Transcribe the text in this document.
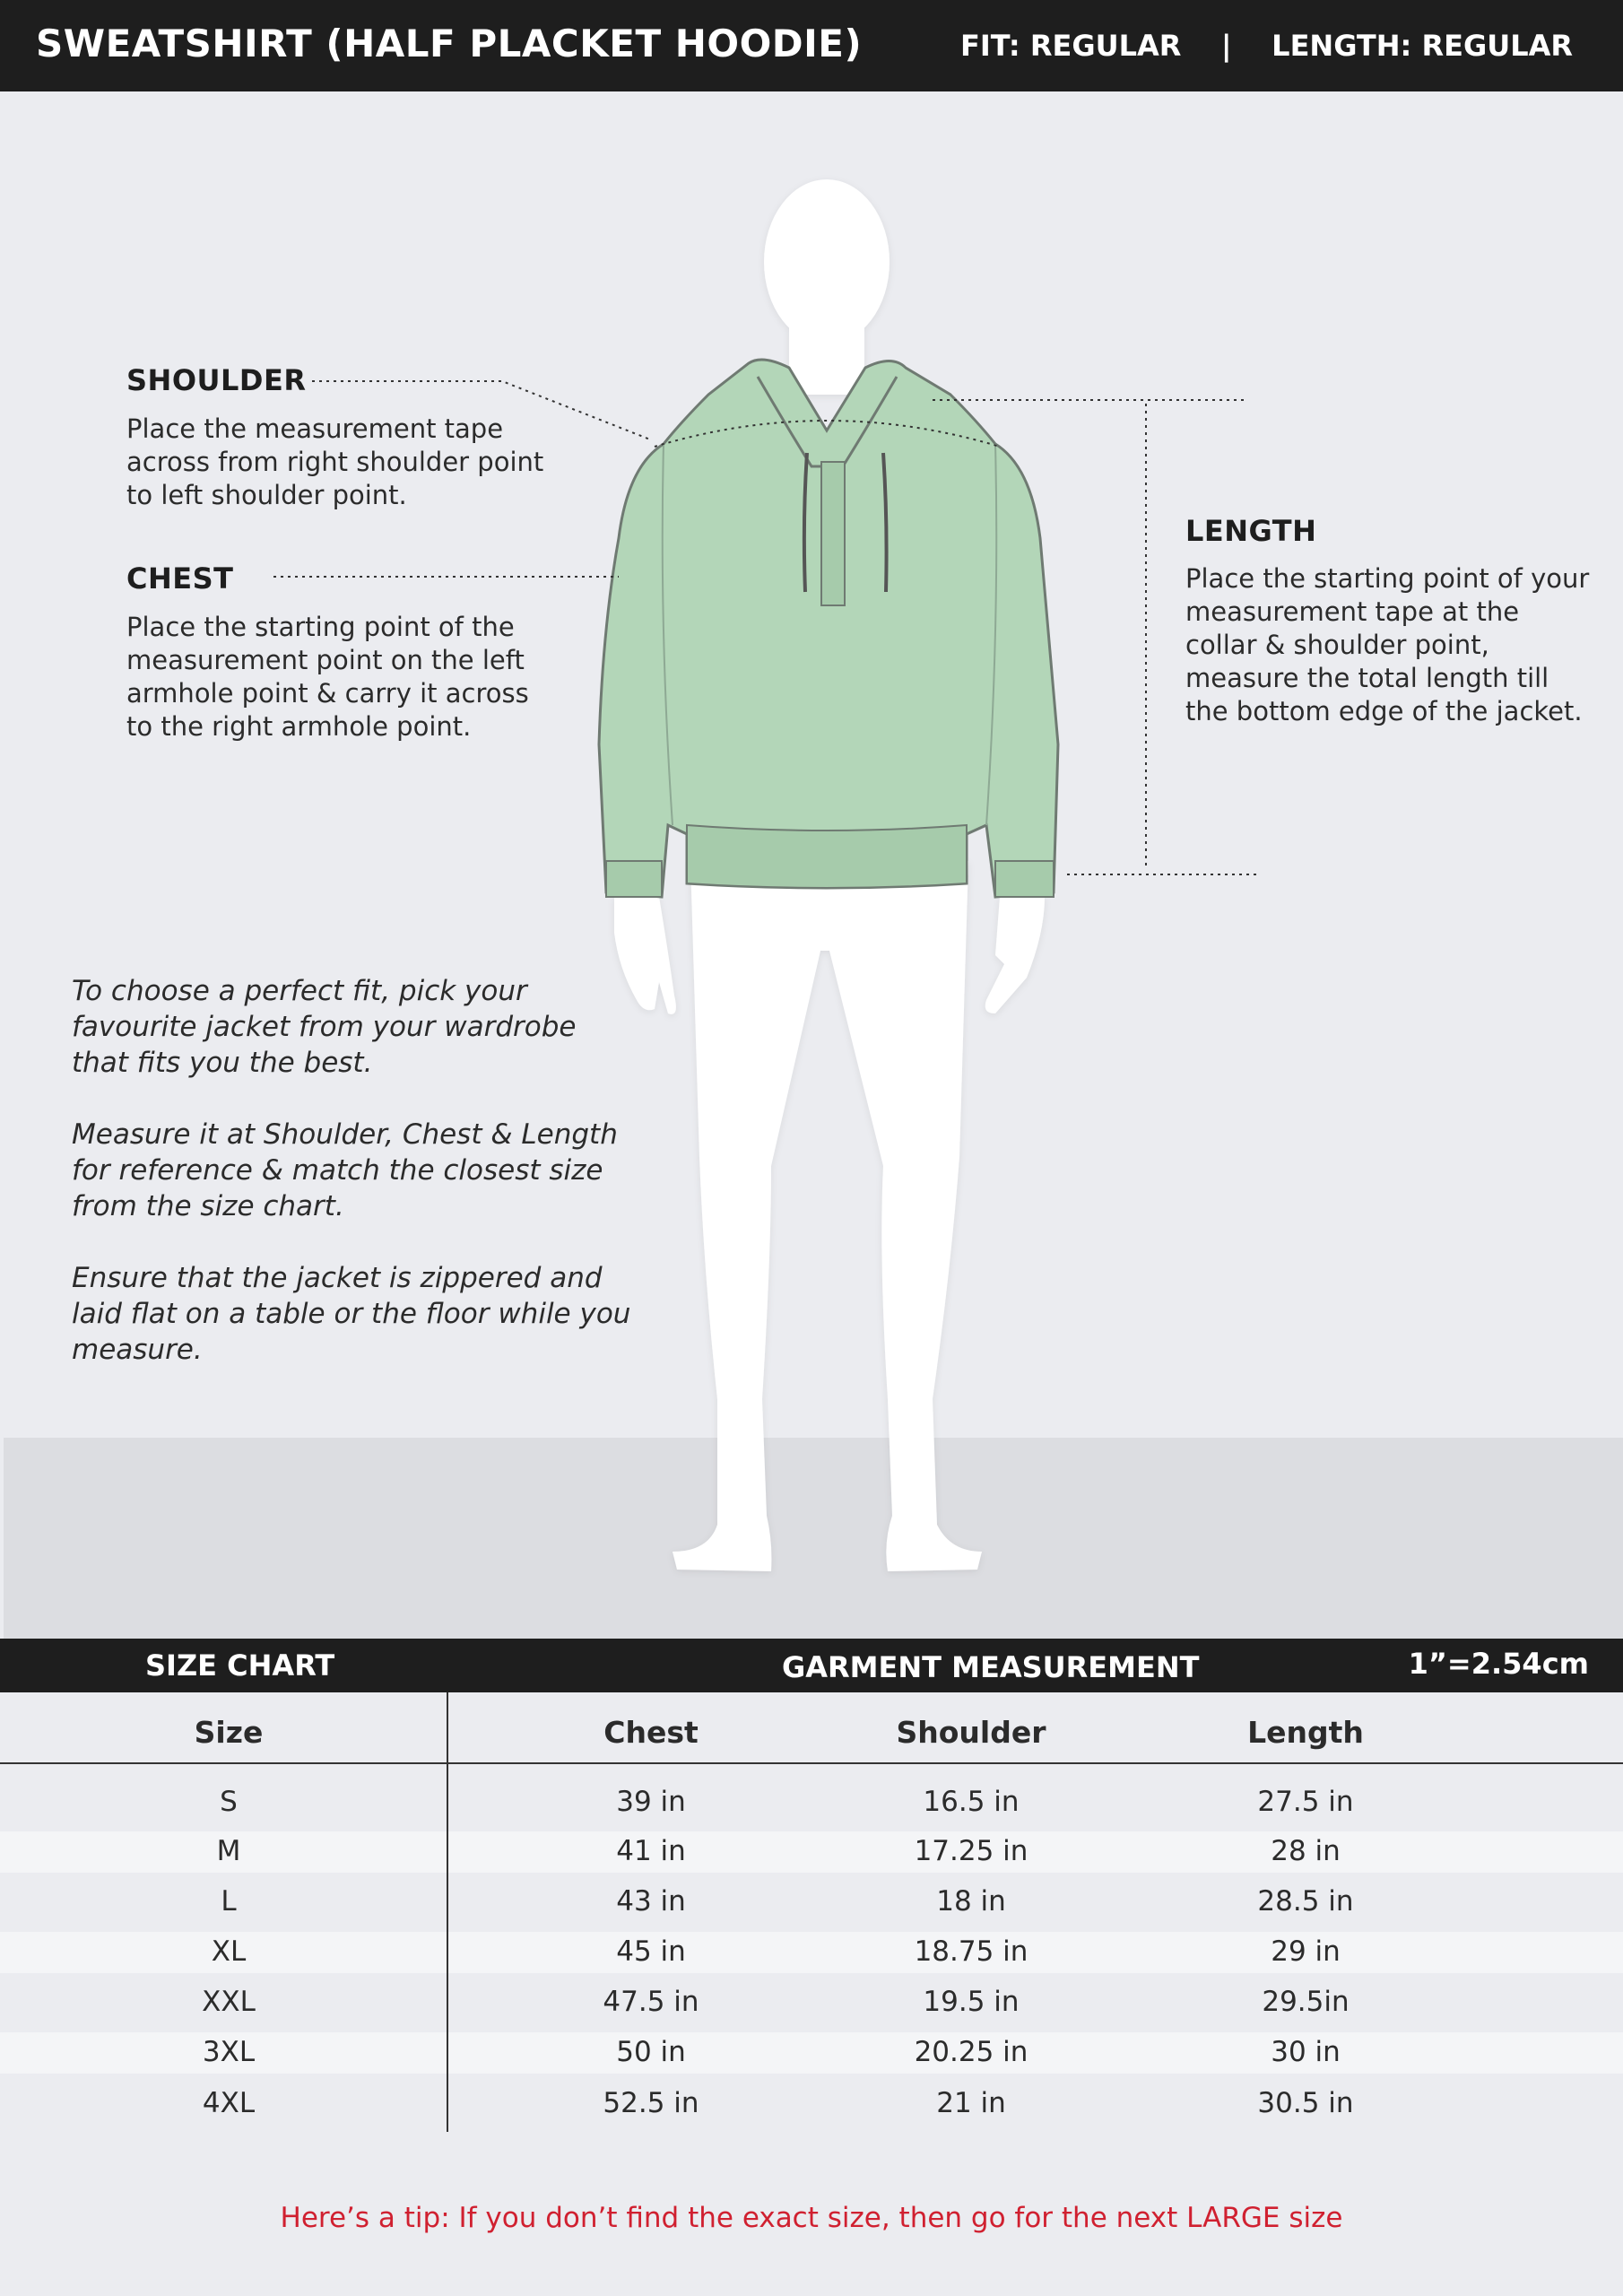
SWEATSHIRT (HALF PLACKET HOODIE)	FIT: REGULAR    |    LENGTH: REGULAR
SHOULDER
Place the measurement tape
across from right shoulder point
to left shoulder point.
CHEST
Place the starting point of the
measurement point on the left
armhole point & carry it across
to the right armhole point.
LENGTH
Place the starting point of your
measurement tape at the
collar & shoulder point,
measure the total length till
the bottom edge of the jacket.
To choose a perfect fit, pick your
favourite jacket from your wardrobe
that fits you the best.
Measure it at Shoulder, Chest & Length
for reference & match the closest size
from the size chart.
Ensure that the jacket is zippered and
laid flat on a table or the floor while you
measure.
SIZE CHART	GARMENT MEASUREMENT	1”=2.54cm
Size	Chest	Shoulder	Length
S	39 in	16.5 in	27.5 in
M	41 in	17.25 in	28 in
L	43 in	18 in	28.5 in
XL	45 in	18.75 in	29 in
XXL	47.5 in	19.5 in	29.5in
3XL	50 in	20.25 in	30 in
4XL	52.5 in	21 in	30.5 in
Here’s a tip: If you don’t find the exact size, then go for the next LARGE size
